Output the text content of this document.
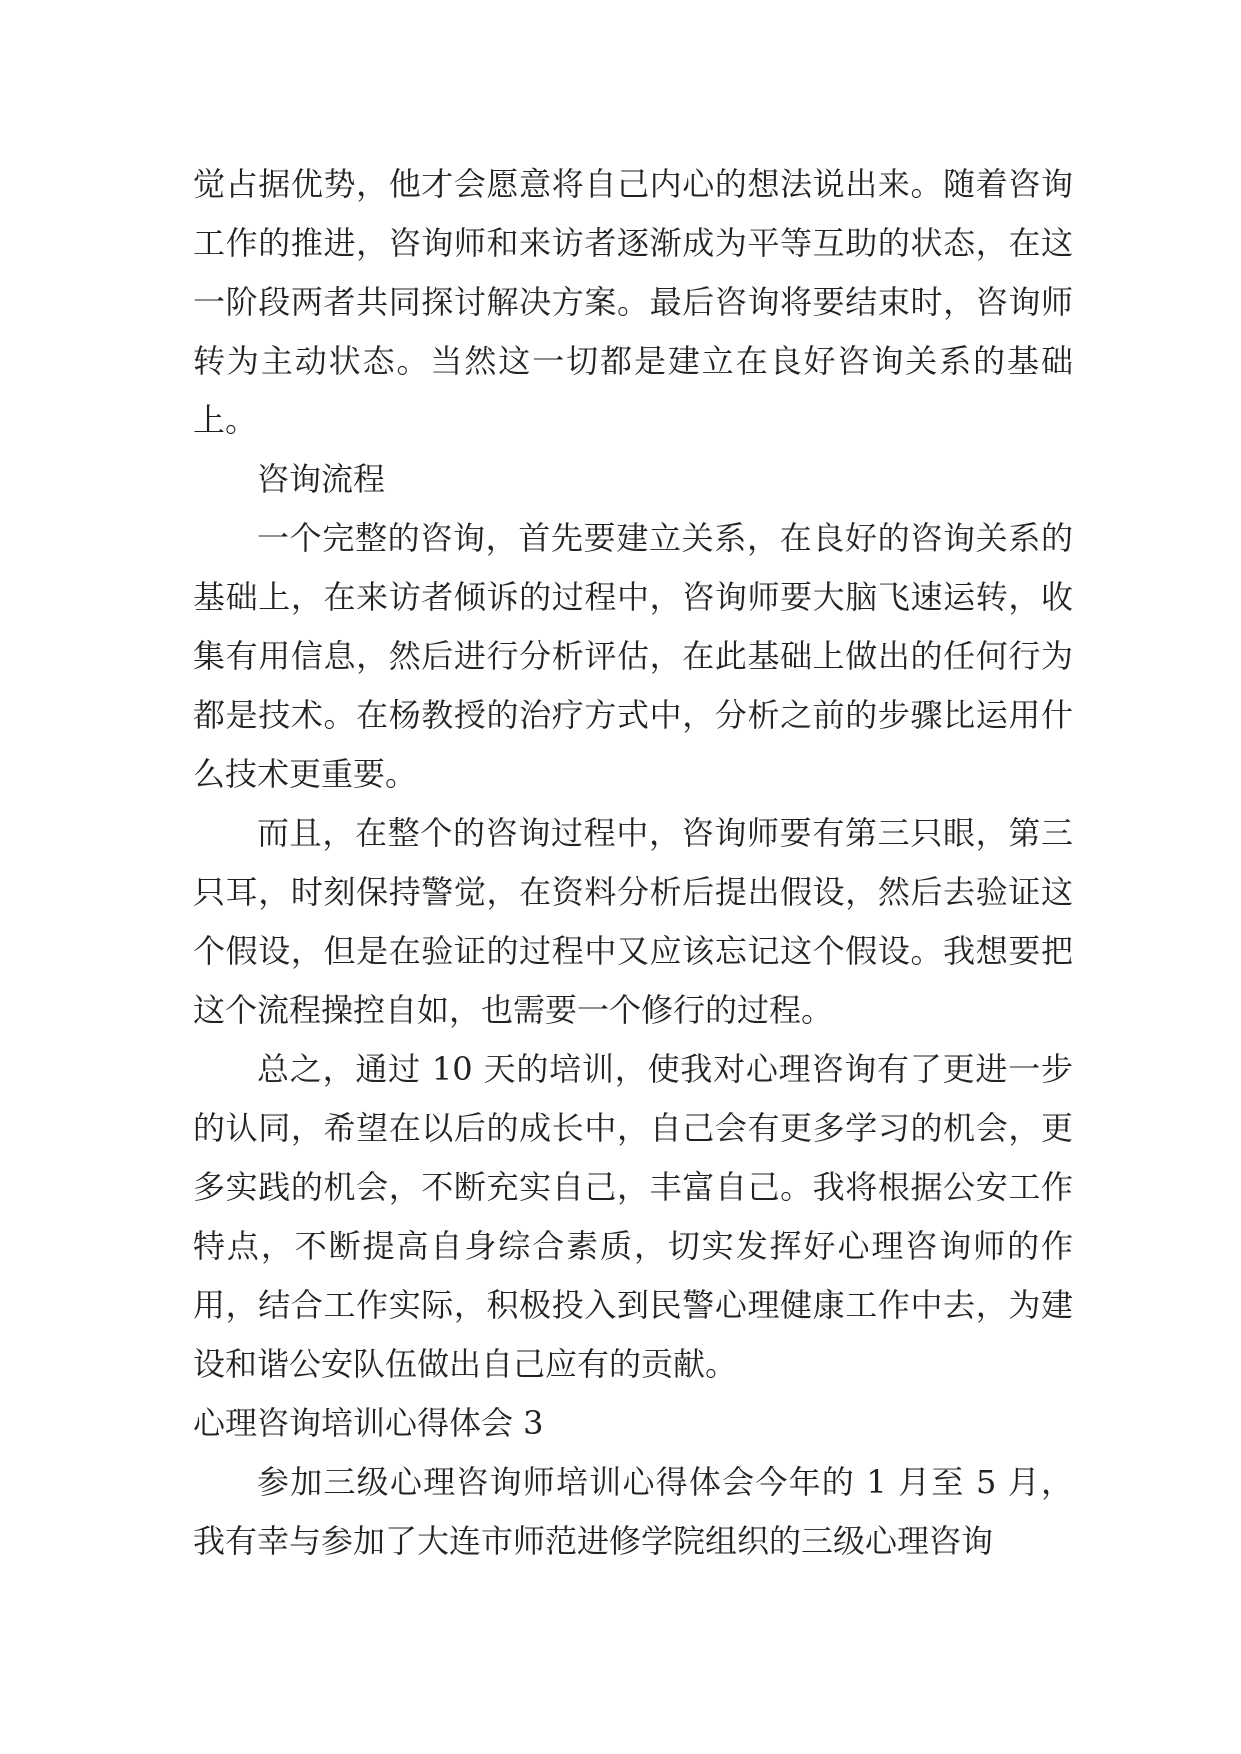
觉占据优势，他才会愿意将自己内心的想法说出来。随着咨询工作的推进，咨询师和来访者逐渐成为平等互助的状态，在这一阶段两者共同探讨解决方案。最后咨询将要结束时，咨询师转为主动状态。当然这一切都是建立在良好咨询关系的基础上。

咨询流程

一个完整的咨询，首先要建立关系，在良好的咨询关系的基础上，在来访者倾诉的过程中，咨询师要大脑飞速运转，收集有用信息，然后进行分析评估，在此基础上做出的任何行为都是技术。在杨教授的治疗方式中，分析之前的步骤比运用什么技术更重要。

而且，在整个的咨询过程中，咨询师要有第三只眼，第三只耳，时刻保持警觉，在资料分析后提出假设，然后去验证这个假设，但是在验证的过程中又应该忘记这个假设。我想要把这个流程操控自如，也需要一个修行的过程。

总之，通过 10 天的培训，使我对心理咨询有了更进一步的认同，希望在以后的成长中，自己会有更多学习的机会，更多实践的机会，不断充实自己，丰富自己。我将根据公安工作特点，不断提高自身综合素质，切实发挥好心理咨询师的作用，结合工作实际，积极投入到民警心理健康工作中去，为建设和谐公安队伍做出自己应有的贡献。

心理咨询培训心得体会 3

参加三级心理咨询师培训心得体会今年的 1 月至 5 月，我有幸与参加了大连市师范进修学院组织的三级心理咨询
